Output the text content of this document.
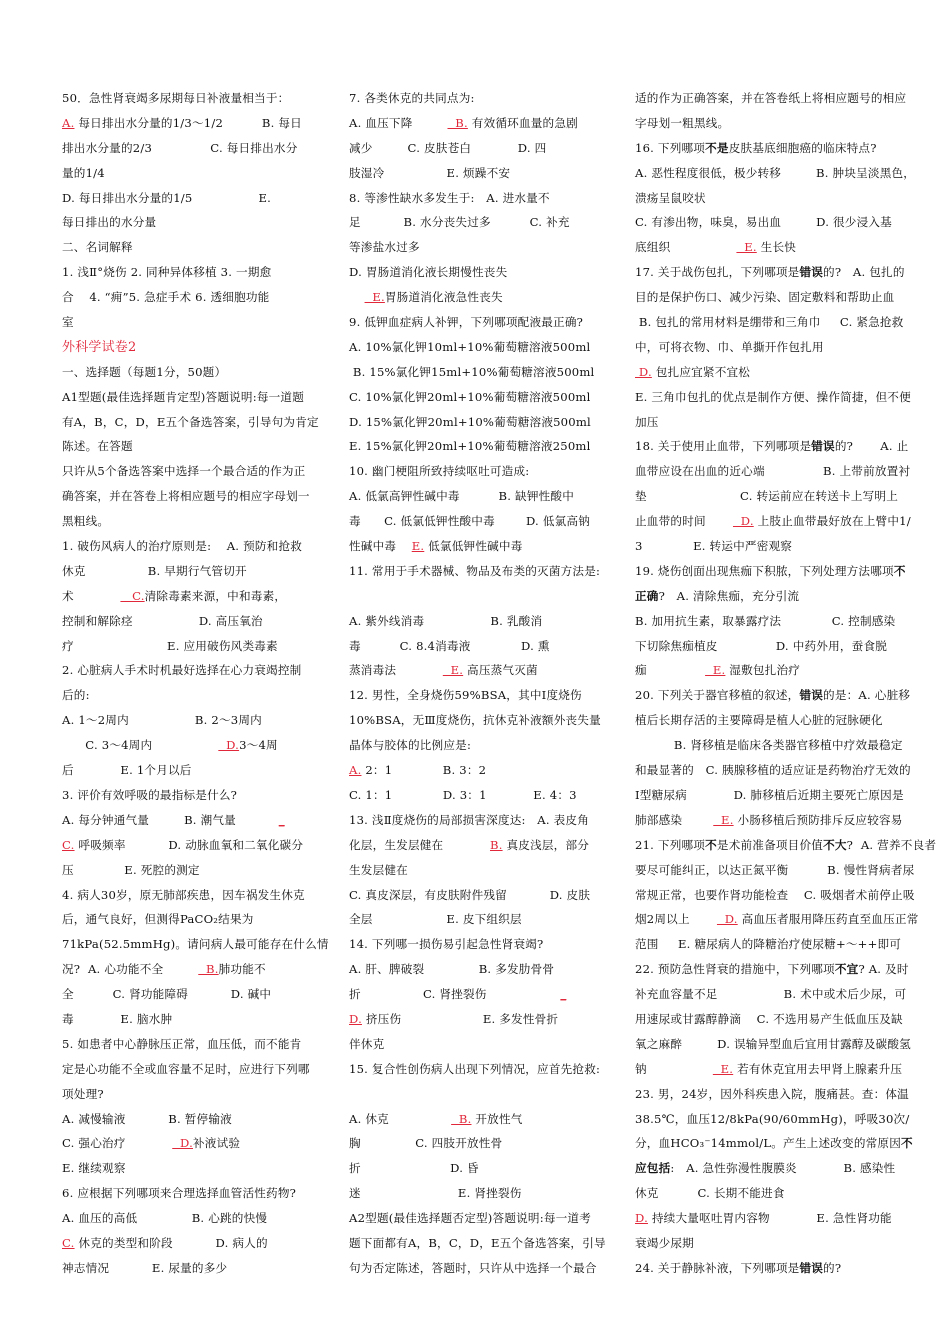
50．急性肾衰竭多尿期每日补液量相当于：
A. 每日排出水分量的1/3～1/2          B. 每日
排出水分量的2/3               C. 每日排出水分
量的1/4
D. 每日排出水分量的1/5                 E.
每日排出的水分量
二、名词解释
1. 浅Ⅱ°烧伤 2. 同种异体移植 3. 一期愈
合    4. “痈”5. 急症手术 6. 透细胞功能
室
外科学试卷2
一、选择题（每题1分，50题）
A1型题(最佳选择题肯定型)答题说明:每一道题
有A，B，C，D，E五个备选答案，引导句为肯定
陈述。在答题
只许从5个备选答案中选择一个最合适的作为正
确答案，并在答卷上将相应题号的相应字母划一
黑粗线。
1. 破伤风病人的治疗原则是:    A. 预防和抢救
休克                B. 早期行气管切开
术               C.清除毒素来源，中和毒素，
控制和解除痉                 D. 高压氧治
疗                        E. 应用破伤风类毒素
2. 心脏病人手术时机最好选择在心力衰竭控制
后的:
A. 1～2周内                 B. 2～3周内
C. 3～4周内                   D.3～4周
后            E. 1个月以后
3. 评价有效呼吸的最指标是什么?
A. 每分钟通气量         B. 潮气量           _
C. 呼吸频率           D. 动脉血氧和二氧化碳分
压             E. 死腔的测定
4. 病人30岁，原无肺部疾患，因车祸发生休克
后，通气良好，但测得PaCO₂结果为
71kPa(52.5mmHg)。请问病人最可能存在什么情
况?  A. 心功能不全           B.肺功能不
全          C. 肾功能障碍           D. 碱中
毒            E. 脑水肿
5. 如患者中心静脉压正常，血压低，而不能肯
定是心功能不全或血容量不足时，应进行下列哪
项处理?
A. 减慢输液           B. 暂停输液
C. 强心治疗              D.补液试验
E. 继续观察
6. 应根据下列哪项来合理选择血管活性药物?
A. 血压的高低              B. 心跳的快慢
C. 休克的类型和阶段           D. 病人的
神志情况           E. 尿量的多少
7. 各类休克的共同点为:
A. 血压下降           B. 有效循环血量的急剧
减少         C. 皮肤苍白            D. 四
肢湿冷                E. 烦躁不安
8. 等渗性缺水多发生于:   A. 进水量不
足           B. 水分丧失过多          C. 补充
等渗盐水过多
D. 胃肠道消化液长期慢性丧失
E.胃肠道消化液急性丧失
9. 低钾血症病人补钾，下列哪项配液最正确?
A. 10%氯化钾10ml+10%葡萄糖溶液500ml
B. 15%氯化钾15ml+10%葡萄糖溶液500ml
C. 10%氯化钾20ml+10%葡萄糖溶液500ml
D. 15%氯化钾20ml+10%葡萄糖溶液500ml
E. 15%氯化钾20ml+10%葡萄糖溶液250ml
10. 幽门梗阻所致持续呕吐可造成:
A. 低氯高钾性碱中毒          B. 缺钾性酸中
毒      C. 低氯低钾性酸中毒        D. 低氯高钠
性碱中毒    E. 低氯低钾性碱中毒
11. 常用于手术器械、物品及布类的灭菌方法是:
A. 紫外线消毒                 B. 乳酸消
毒          C. 8.4消毒液             D. 熏
蒸消毒法              E. 高压蒸气灭菌
12. 男性，全身烧伤59%BSA，其中Ⅰ度烧伤
10%BSA，无Ⅲ度烧伤，抗休克补液额外丧失量
晶体与胶体的比例应是:
A. 2：1             B. 3：2
C. 1：1             D. 3：1            E. 4：3
13. 浅Ⅱ度烧伤的局部损害深度达:   A. 表皮角
化层，生发层健在            B. 真皮浅层，部分
生发层健在
C. 真皮深层，有皮肤附件残留           D. 皮肤
全层                   E. 皮下组织层
14. 下列哪一损伤易引起急性肾衰竭?
A. 肝、脾破裂              B. 多发肋骨骨
折                C. 肾挫裂伤                   _
D. 挤压伤                     E. 多发性骨折
伴休克
15. 复合性创伤病人出现下列情况，应首先抢救:
A. 休克                  B. 开放性气
胸              C. 四肢开放性骨
折                       D. 昏
迷                         E. 肾挫裂伤
A2型题(最佳选择题否定型)答题说明:每一道考
题下面都有A，B，C，D，E五个备选答案，引导
句为否定陈述，答题时，只许从中选择一个最合
适的作为正确答案，并在答卷纸上将相应题号的相应
字母划一粗黑线。
16. 下列哪项不是皮肤基底细胞癌的临床特点?
A. 恶性程度很低，极少转移         B. 肿块呈淡黑色，
溃疡呈鼠咬状
C. 有渗出物，味臭，易出血         D. 很少浸入基
底组织                   E. 生长快
17. 关于战伤包扎，下列哪项是错误的?   A. 包扎的
目的是保护伤口、减少污染、固定敷料和帮助止血
B. 包扎的常用材料是绷带和三角巾     C. 紧急抢救
中，可将衣物、巾、单撕开作包扎用
D. 包扎应宜紧不宜松
E. 三角巾包扎的优点是制作方便、操作简捷，但不便
加压
18. 关于使用止血带，下列哪项是错误的?       A. 止
血带应设在出血的近心端               B. 上带前放置衬
垫                        C. 转运前应在转送卡上写明上
止血带的时间         D. 上肢止血带最好放在上臂中1/
3             E. 转运中严密观察
19. 烧伤创面出现焦痂下积脓，下列处理方法哪项不
正确?   A. 清除焦痂，充分引流
B. 加用抗生素，取暴露疗法             C. 控制感染
下切除焦痂植皮               D. 中药外用，蚕食脱
痂                 E. 湿敷包扎治疗
20. 下列关于器官移植的叙述，错误的是：A. 心脏移
植后长期存活的主要障碍是植人心脏的冠脉硬化
B. 肾移植是临床各类器官移植中疗效最稳定
和最显著的   C. 胰腺移植的适应证是药物治疗无效的
Ⅰ型糖尿病            D. 肺移植后近期主要死亡原因是
肺部感染          E. 小肠移植后预防排斥反应较容易
21. 下列哪项不是术前准备项目价值不大?  A. 营养不良者
要尽可能纠正，以达正氮平衡          B. 慢性肾病者尿
常规正常，也要作肾功能检查    C. 吸烟者术前停止吸
烟2周以上         D. 高血压者服用降压药直至血压正常
范围     E. 糖尿病人的降糖治疗使尿糖+～++即可
22. 预防急性肾衰的措施中，下列哪项不宜? A. 及时
补充血容量不足                 B. 术中或术后少尿，可
用速尿或甘露醇静滴    C. 不选用易产生低血压及缺
氧之麻醉         D. 误输异型血后宜用甘露醇及碳酸氢
钠                   E. 若有休克宜用去甲肾上腺素升压
23. 男，24岁，因外科疾患入院，腹痛甚。查：体温
38.5℃，血压12/8kPa(90/60mmHg)，呼吸30次/
分，血HCO₃⁻14mmol/L。产生上述改变的常原因不
应包括:   A. 急性弥漫性腹膜炎            B. 感染性
休克          C. 长期不能进食
D. 持续大量呕吐胃内容物            E. 急性肾功能
衰竭少尿期
24. 关于静脉补液，下列哪项是错误的?
